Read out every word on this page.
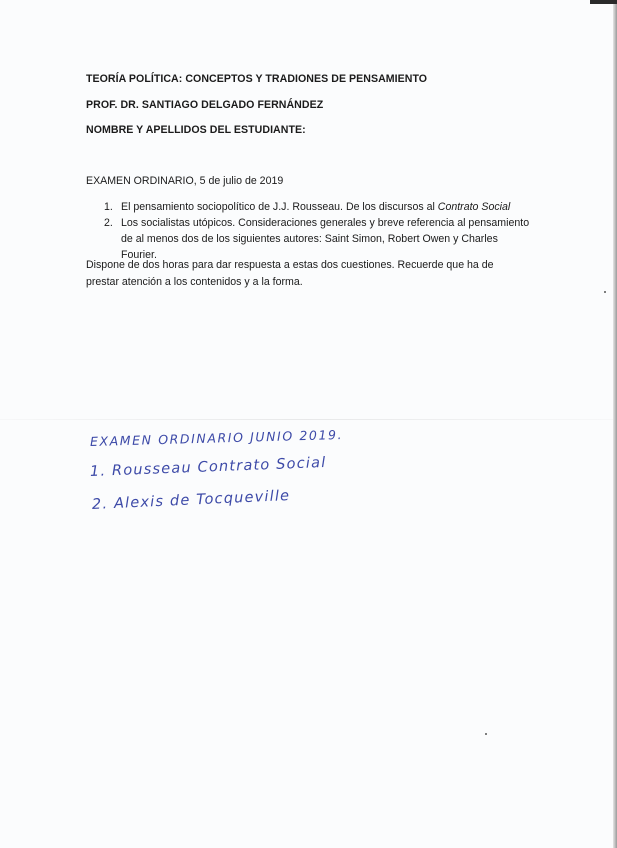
TEORÍA POLÍTICA: CONCEPTOS Y TRADIONES DE PENSAMIENTO
PROF. DR. SANTIAGO DELGADO FERNÁNDEZ
NOMBRE Y APELLIDOS DEL ESTUDIANTE:
EXAMEN ORDINARIO, 5 de julio de 2019
1. El pensamiento sociopolítico de J.J. Rousseau. De los discursos al Contrato Social
2. Los socialistas utópicos. Consideraciones generales y breve referencia al pensamiento de al menos dos de los siguientes autores: Saint Simon, Robert Owen y Charles Fourier.
Dispone de dos horas para dar respuesta a estas dos cuestiones. Recuerde que ha de prestar atención a los contenidos y a la forma.
EXAMEN ORDINARIO JUNIO 2019.
1. Rousseau Contrato Social
2. Alexis de Tocqueville
